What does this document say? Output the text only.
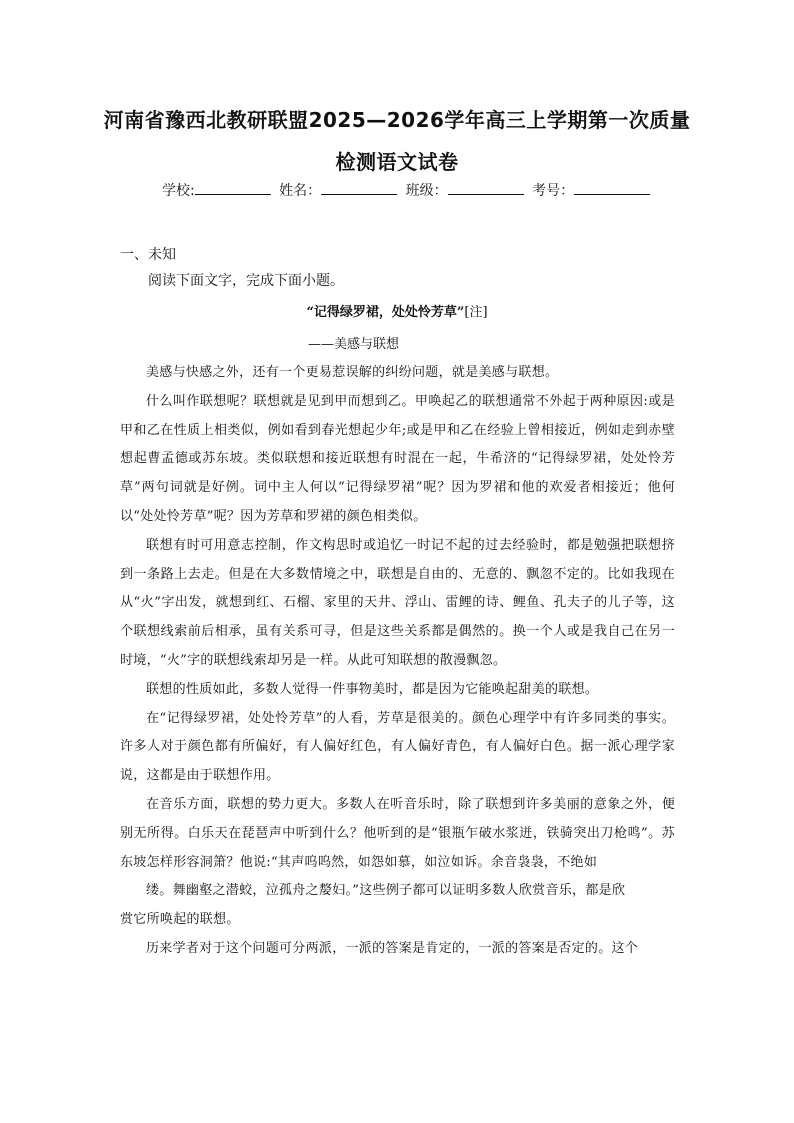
河南省豫西北教研联盟2025—2026学年高三上学期第一次质量
检测语文试卷
学校:	姓名：	班级：	考号：
一、未知
阅读下面文字，完成下面小题。
“记得绿罗裙，处处怜芳草”[注]
——美感与联想

美感与快感之外，还有一个更易惹误解的纠纷问题，就是美感与联想。

什么叫作联想呢？联想就是见到甲而想到乙。甲唤起乙的联想通常不外起于两种原因:或是甲和乙在性质上相类似，例如看到春光想起少年;或是甲和乙在经验上曾相接近，例如走到赤壁想起曹孟德或苏东坡。类似联想和接近联想有时混在一起，牛希济的“记得绿罗裙，处处怜芳草”两句词就是好例。词中主人何以“记得绿罗裙”呢？因为罗裙和他的欢爱者相接近；他何以“处处怜芳草”呢？因为芳草和罗裙的颜色相类似。

联想有时可用意志控制，作文构思时或追忆一时记不起的过去经验时，都是勉强把联想挤到一条路上去走。但是在大多数情境之中，联想是自由的、无意的、飘忽不定的。比如我现在从“火”字出发，就想到红、石榴、家里的天井、浮山、雷鲤的诗、鲤鱼、孔夫子的儿子等，这个联想线索前后相承，虽有关系可寻，但是这些关系都是偶然的。换一个人或是我自己在另一时境，“火”字的联想线索却另是一样。从此可知联想的散漫飘忽。

联想的性质如此，多数人觉得一件事物美时，都是因为它能唤起甜美的联想。

在“记得绿罗裙，处处怜芳草”的人看，芳草是很美的。颜色心理学中有许多同类的事实。许多人对于颜色都有所偏好，有人偏好红色，有人偏好青色，有人偏好白色。据一派心理学家说，这都是由于联想作用。

在音乐方面，联想的势力更大。多数人在听音乐时，除了联想到许多美丽的意象之外，便别无所得。白乐天在琵琶声中听到什么？他听到的是“银瓶乍破水浆迸，铁骑突出刀枪鸣”。苏东坡怎样形容洞箫？他说:“其声呜呜然，如怨如慕，如泣如诉。余音袅袅，不绝如

缕。舞幽壑之潜蛟，泣孤舟之嫠妇。”这些例子都可以证明多数人欣赏音乐，都是欣

赏它所唤起的联想。

历来学者对于这个问题可分两派，一派的答案是肯定的，一派的答案是否定的。这个
